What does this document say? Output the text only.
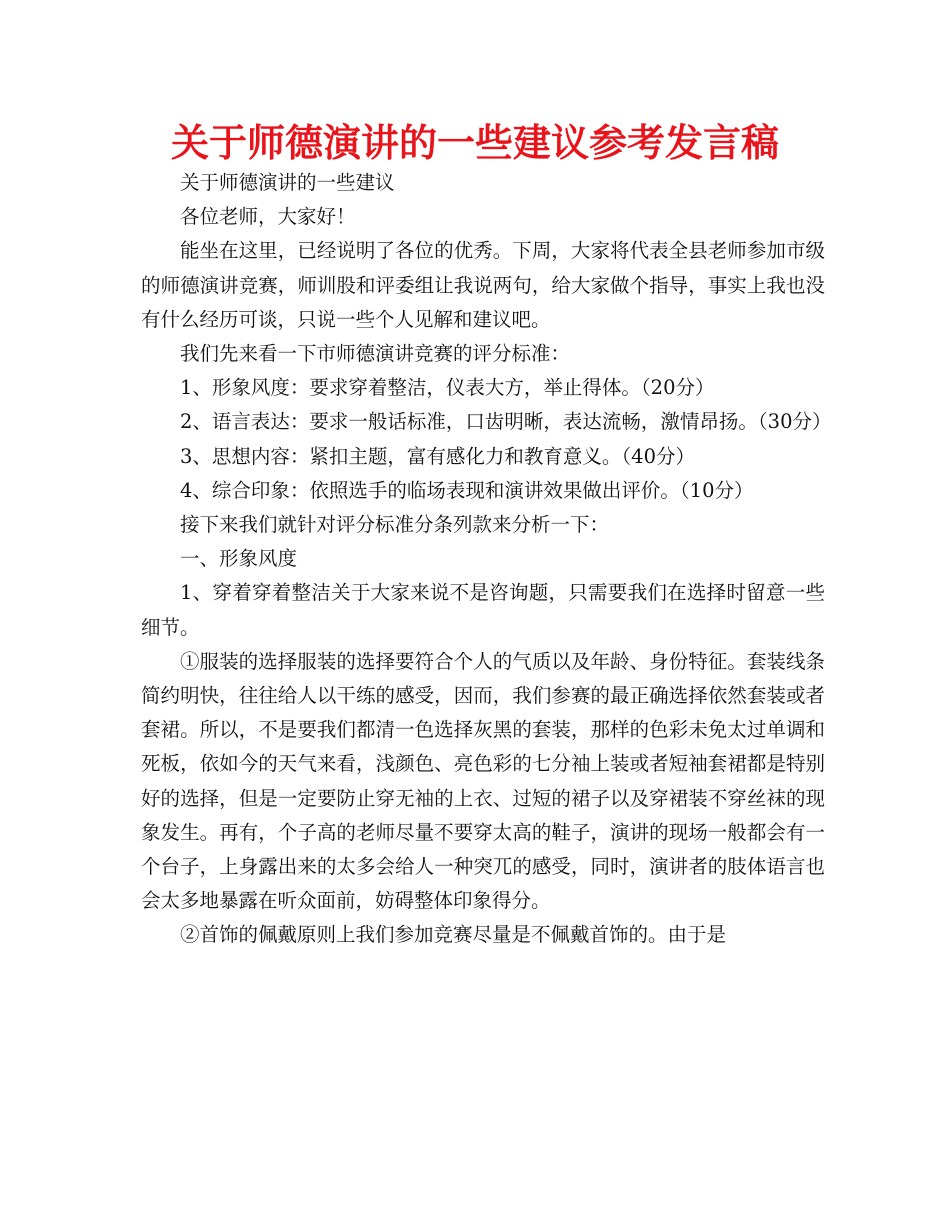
关于师德演讲的一些建议参考发言稿

关于师德演讲的一些建议

各位老师，大家好！

能坐在这里，已经说明了各位的优秀。下周，大家将代表全县老师参加市级的师德演讲竞赛，师训股和评委组让我说两句，给大家做个指导，事实上我也没有什么经历可谈，只说一些个人见解和建议吧。

我们先来看一下市师德演讲竞赛的评分标准：

1、形象风度：要求穿着整洁，仪表大方，举止得体。（20分）

2、语言表达：要求一般话标准，口齿明晰，表达流畅，激情昂扬。（30分）

3、思想内容：紧扣主题，富有感化力和教育意义。（40分）

4、综合印象：依照选手的临场表现和演讲效果做出评价。（10分）

接下来我们就针对评分标准分条列款来分析一下：

一、形象风度

1、穿着穿着整洁关于大家来说不是咨询题，只需要我们在选择时留意一些细节。

①服装的选择服装的选择要符合个人的气质以及年龄、身份特征。套装线条简约明快，往往给人以干练的感受，因而，我们参赛的最正确选择依然套装或者套裙。所以，不是要我们都清一色选择灰黑的套装，那样的色彩未免太过单调和死板，依如今的天气来看，浅颜色、亮色彩的七分袖上装或者短袖套裙都是特别好的选择，但是一定要防止穿无袖的上衣、过短的裙子以及穿裙装不穿丝袜的现象发生。再有，个子高的老师尽量不要穿太高的鞋子，演讲的现场一般都会有一个台子，上身露出来的太多会给人一种突兀的感受，同时，演讲者的肢体语言也会太多地暴露在听众面前，妨碍整体印象得分。

②首饰的佩戴原则上我们参加竞赛尽量是不佩戴首饰的。由于是
